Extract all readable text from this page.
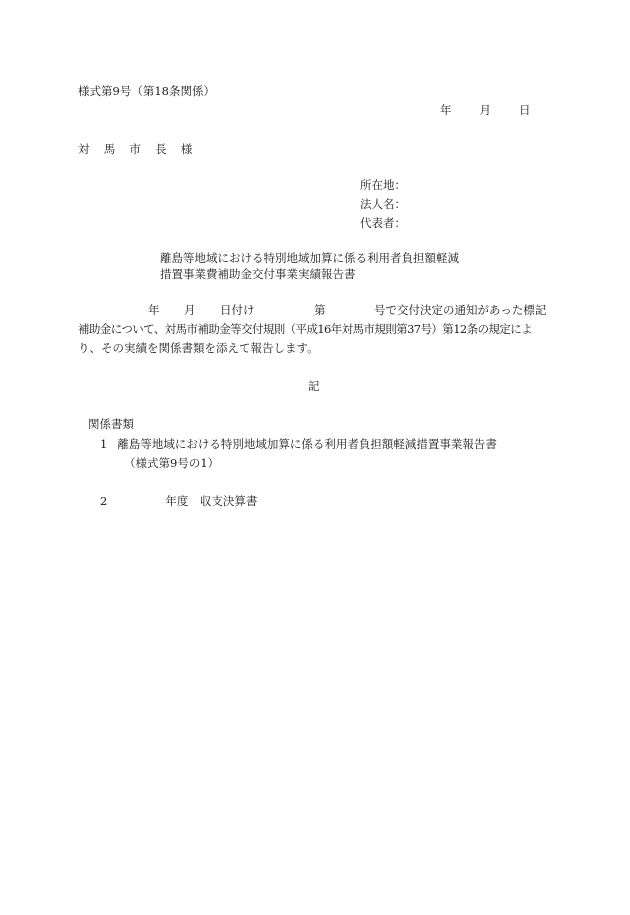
様式第9号（第18条関係）
年 月 日
対 馬 市 長 様
所在地：
法人名：
代表者：
離島等地域における特別地域加算に係る利用者負担額軽減
措置事業費補助金交付事業実績報告書
年 月 日付け	第	号で交付決定の通知があった標記
補助金について、対馬市補助金等交付規則（平成16年対馬市規則第37号）第12条の規定によ
り、その実績を関係書類を添えて報告します。
記
関係書類
1 離島等地域における特別地域加算に係る利用者負担額軽減措置事業報告書
（様式第9号の1）
2	年度　収支決算書
